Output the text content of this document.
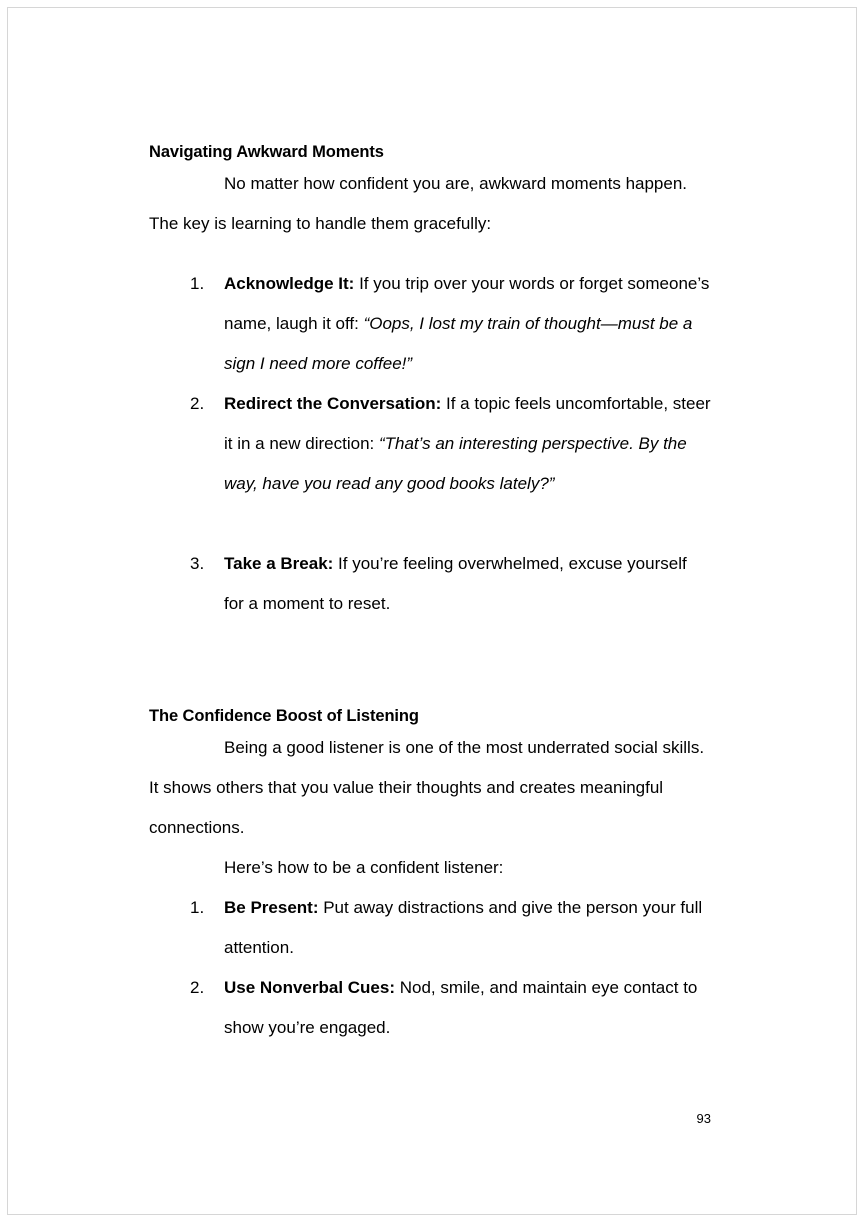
Navigating Awkward Moments

No matter how confident you are, awkward moments happen. The key is learning to handle them gracefully:

1.	Acknowledge It: If you trip over your words or forget someone’s name, laugh it off: “Oops, I lost my train of thought—must be a sign I need more coffee!”
2.	Redirect the Conversation: If a topic feels uncomfortable, steer it in a new direction: “That’s an interesting perspective. By the way, have you read any good books lately?”
3.	Take a Break: If you’re feeling overwhelmed, excuse yourself for a moment to reset.
The Confidence Boost of Listening

Being a good listener is one of the most underrated social skills. It shows others that you value their thoughts and creates meaningful connections.

Here’s how to be a confident listener:

1.	Be Present: Put away distractions and give the person your full attention.
2.	Use Nonverbal Cues: Nod, smile, and maintain eye contact to show you’re engaged.
93
